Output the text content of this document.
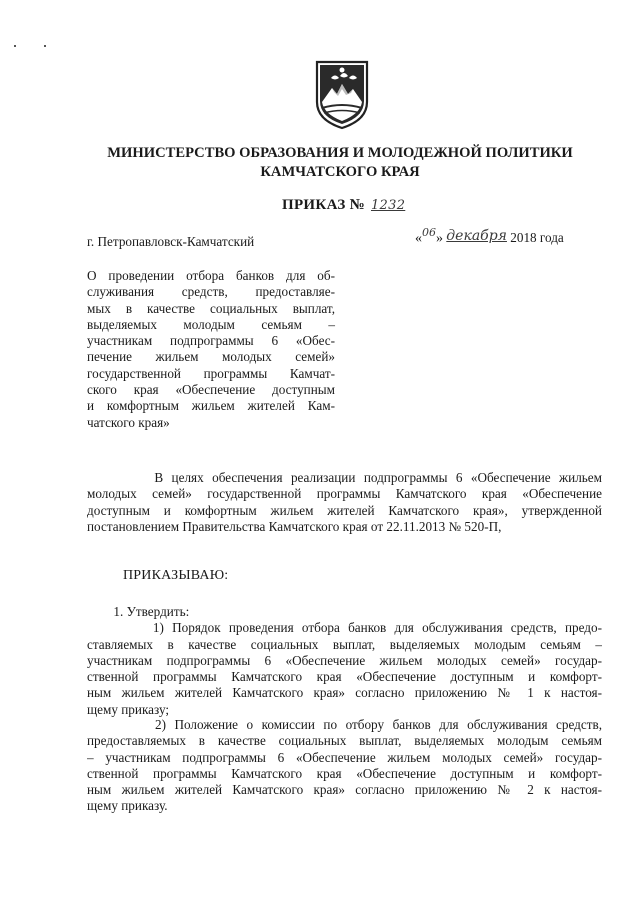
МИНИСТЕРСТВО ОБРАЗОВАНИЯ И МОЛОДЕЖНОЙ ПОЛИТИКИ
КАМЧАТСКОГО КРАЯ
ПРИКАЗ № 1232
г. Петропавловск-Камчатский	«06» декабря 2018 года
О проведении отбора банков для об-
служивания средств, предоставляе-
мых в качестве социальных выплат,
выделяемых молодым семьям –
участникам подпрограммы 6 «Обес-
печение жильем молодых семей»
государственной программы Камчат-
ского края «Обеспечение доступным
и комфортным жильем жителей Кам-
чатского края»
В целях обеспечения реализации подпрограммы 6 «Обеспечение жильем
молодых семей» государственной программы Камчатского края «Обеспечение
доступным и комфортным жильем жителей Камчатского края», утвержденной
постановлением Правительства Камчатского края от 22.11.2013 № 520-П,
ПРИКАЗЫВАЮ:
1. Утвердить:
1) Порядок проведения отбора банков для обслуживания средств, предо-
ставляемых в качестве социальных выплат, выделяемых молодым семьям –
участникам подпрограммы 6 «Обеспечение жильем молодых семей» государ-
ственной программы Камчатского края «Обеспечение доступным и комфорт-
ным жильем жителей Камчатского края» согласно приложению № 1 к настоя-
щему приказу;
2) Положение о комиссии по отбору банков для обслуживания средств,
предоставляемых в качестве социальных выплат, выделяемых молодым семьям
– участникам подпрограммы 6 «Обеспечение жильем молодых семей» государ-
ственной программы Камчатского края «Обеспечение доступным и комфорт-
ным жильем жителей Камчатского края» согласно приложению № 2 к настоя-
щему приказу.
